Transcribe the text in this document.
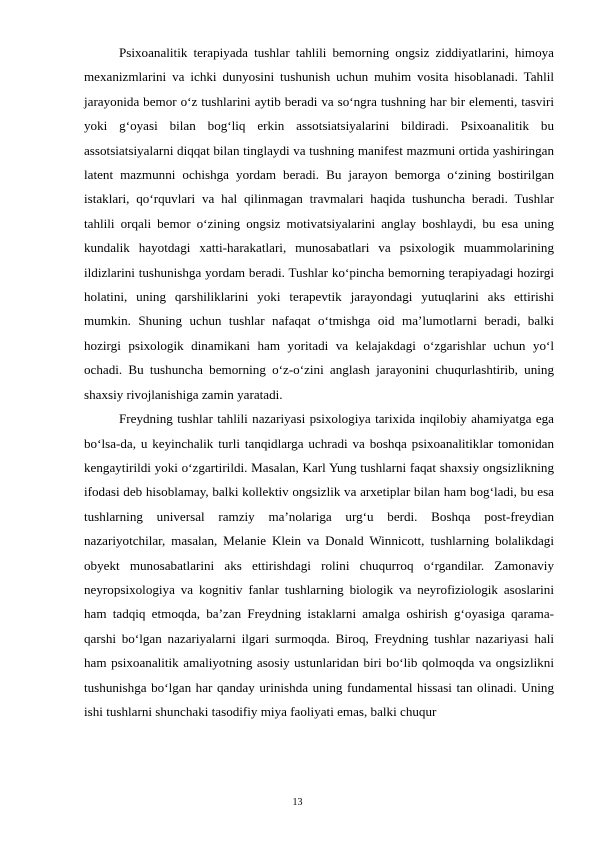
Psixoanalitik terapiyada tushlar tahlili bemorning ongsiz ziddiyatlarini, himoya mexanizmlarini va ichki dunyosini tushunish uchun muhim vosita hisoblanadi. Tahlil jarayonida bemor o‘z tushlarini aytib beradi va so‘ngra tushning har bir elementi, tasviri yoki g‘oyasi bilan bog‘liq erkin assotsiatsiyalarini bildiradi. Psixoanalitik bu assotsiatsiyalarni diqqat bilan tinglaydi va tushning manifest mazmuni ortida yashiringan latent mazmunni ochishga yordam beradi. Bu jarayon bemorga o‘zining bostirilgan istaklari, qo‘rquvlari va hal qilinmagan travmalari haqida tushuncha beradi. Tushlar tahlili orqali bemor o‘zining ongsiz motivatsiyalarini anglay boshlaydi, bu esa uning kundalik hayotdagi xatti-harakatlari, munosabatlari va psixologik muammolarining ildizlarini tushunishga yordam beradi. Tushlar ko‘pincha bemorning terapiyadagi hozirgi holatini, uning qarshiliklarini yoki terapevtik jarayondagi yutuqlarini aks ettirishi mumkin. Shuning uchun tushlar nafaqat o‘tmishga oid ma’lumotlarni beradi, balki hozirgi psixologik dinamikani ham yoritadi va kelajakdagi o‘zgarishlar uchun yo‘l ochadi. Bu tushuncha bemorning o‘z-o‘zini anglash jarayonini chuqurlashtirib, uning shaxsiy rivojlanishiga zamin yaratadi.

Freydning tushlar tahlili nazariyasi psixologiya tarixida inqilobiy ahamiyatga ega bo‘lsa-da, u keyinchalik turli tanqidlarga uchradi va boshqa psixoanalitiklar tomonidan kengaytirildi yoki o‘zgartirildi. Masalan, Karl Yung tushlarni faqat shaxsiy ongsizlikning ifodasi deb hisoblamay, balki kollektiv ongsizlik va arxetiplar bilan ham bog‘ladi, bu esa tushlarning universal ramziy ma’nolariga urg‘u berdi. Boshqa post-freydian nazariyotchilar, masalan, Melanie Klein va Donald Winnicott, tushlarning bolalikdagi obyekt munosabatlarini aks ettirishdagi rolini chuqurroq o‘rgandilar. Zamonaviy neyropsixologiya va kognitiv fanlar tushlarning biologik va neyrofiziologik asoslarini ham tadqiq etmoqda, ba’zan Freydning istaklarni amalga oshirish g‘oyasiga qarama-qarshi bo‘lgan nazariyalarni ilgari surmoqda. Biroq, Freydning tushlar nazariyasi hali ham psixoanalitik amaliyotning asosiy ustunlaridan biri bo‘lib qolmoqda va ongsizlikni tushunishga bo‘lgan har qanday urinishda uning fundamental hissasi tan olinadi. Uning ishi tushlarni shunchaki tasodifiy miya faoliyati emas, balki chuqur

13
